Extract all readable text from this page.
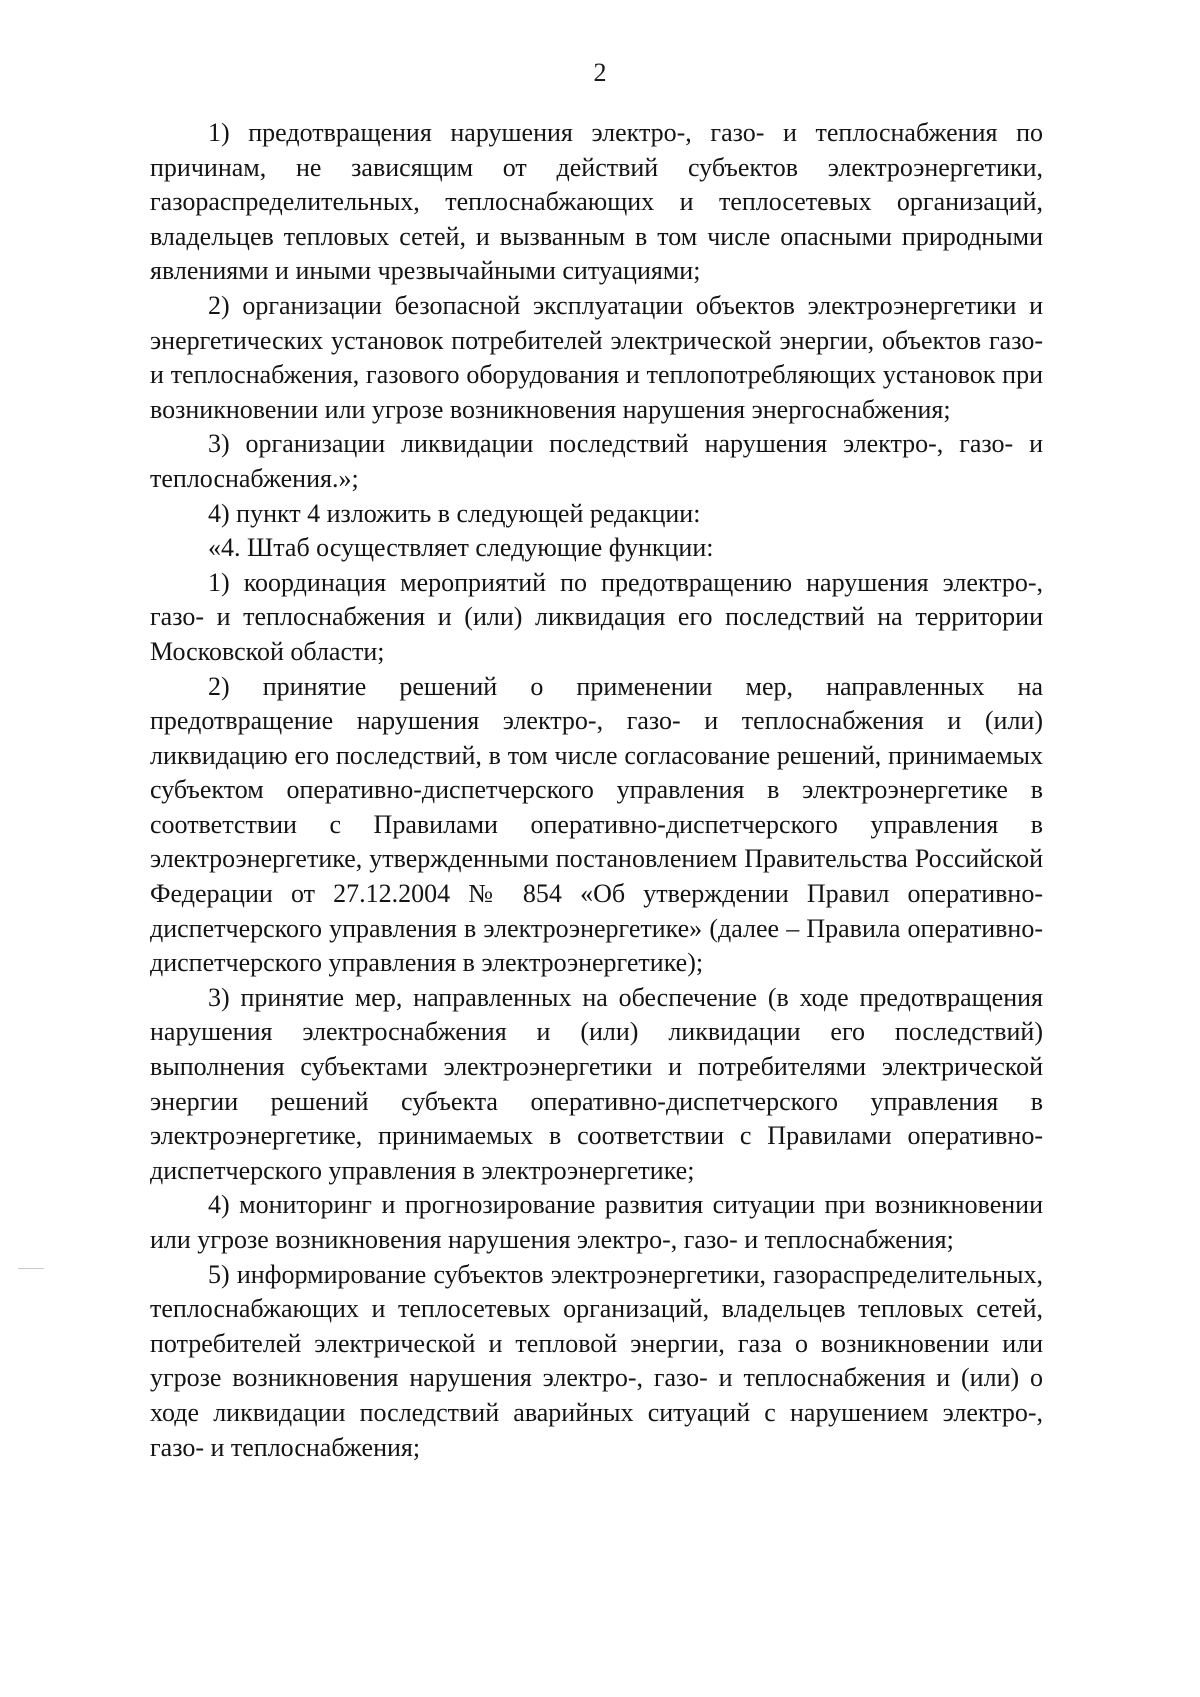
2

1) предотвращения нарушения электро-, газо- и теплоснабжения по причинам, не зависящим от действий субъектов электроэнергетики, газораспределительных, теплоснабжающих и теплосетевых организаций, владельцев тепловых сетей, и вызванным в том числе опасными природными явлениями и иными чрезвычайными ситуациями;

2) организации безопасной эксплуатации объектов электроэнергетики и энергетических установок потребителей электрической энергии, объектов газо- и теплоснабжения, газового оборудования и теплопотребляющих установок при возникновении или угрозе возникновения нарушения энергоснабжения;

3) организации ликвидации последствий нарушения электро-, газо- и теплоснабжения.»;

4) пункт 4 изложить в следующей редакции:

«4. Штаб осуществляет следующие функции:

1) координация мероприятий по предотвращению нарушения электро-, газо- и теплоснабжения и (или) ликвидация его последствий на территории Московской области;

2) принятие решений о применении мер, направленных на предотвращение нарушения электро-, газо- и теплоснабжения и (или) ликвидацию его последствий, в том числе согласование решений, принимаемых субъектом оперативно-диспетчерского управления в электроэнергетике в соответствии с Правилами оперативно-диспетчерского управления в электроэнергетике, утвержденными постановлением Правительства Российской Федерации от 27.12.2004 № 854 «Об утверждении Правил оперативно-диспетчерского управления в электроэнергетике» (далее – Правила оперативно-диспетчерского управления в электроэнергетике);

3) принятие мер, направленных на обеспечение (в ходе предотвращения нарушения электроснабжения и (или) ликвидации его последствий) выполнения субъектами электроэнергетики и потребителями электрической энергии решений субъекта оперативно-диспетчерского управления в электроэнергетике, принимаемых в соответствии с Правилами оперативно-диспетчерского управления в электроэнергетике;

4) мониторинг и прогнозирование развития ситуации при возникновении или угрозе возникновения нарушения электро-, газо- и теплоснабжения;

5) информирование субъектов электроэнергетики, газораспределительных, теплоснабжающих и теплосетевых организаций, владельцев тепловых сетей, потребителей электрической и тепловой энергии, газа о возникновении или угрозе возникновения нарушения электро-, газо- и теплоснабжения и (или) о ходе ликвидации последствий аварийных ситуаций с нарушением электро-, газо- и теплоснабжения;
